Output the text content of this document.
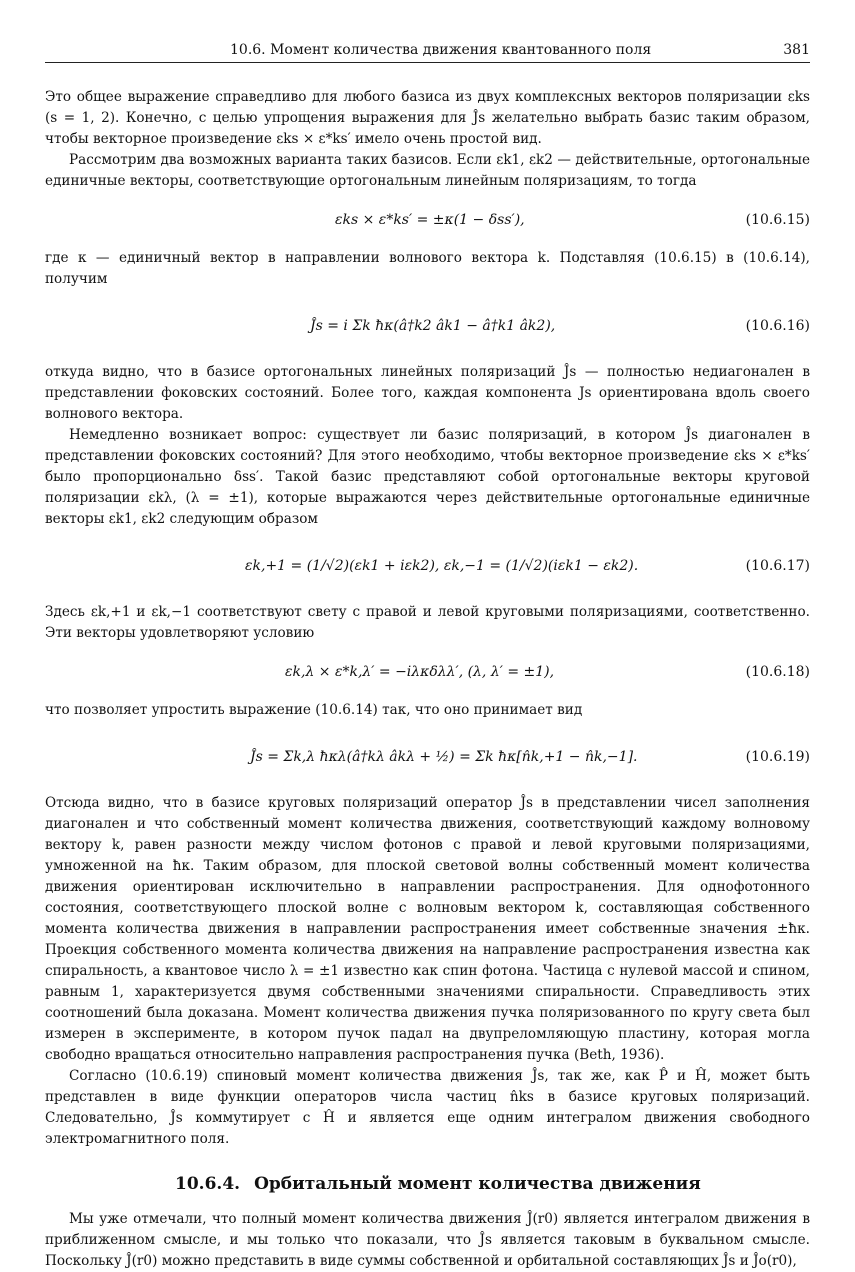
10.6. Момент количества движения квантованного поля	381

Это общее выражение справедливо для любого базиса из двух комплексных векторов поляризации εks (s = 1, 2). Конечно, с целью упрощения выражения для Ĵs желательно выбрать базис таким образом, чтобы векторное произведение εks × ε*ks′ имело очень простой вид.

Рассмотрим два возможных варианта таких базисов. Если εk1, εk2 — действительные, ортогональные единичные векторы, соответствующие ортогональным линейным поляризациям, то тогда

εks × ε*ks′ = ±κ(1 − δss′),	(10.6.15)

где κ — единичный вектор в направлении волнового вектора k. Подставляя (10.6.15) в (10.6.14), получим

Ĵs = i Σk ħκ(â†k2 âk1 − â†k1 âk2),	(10.6.16)

откуда видно, что в базисе ортогональных линейных поляризаций Ĵs — полностью недиагонален в представлении фоковских состояний. Более того, каждая компонента Js ориентирована вдоль своего волнового вектора.

Немедленно возникает вопрос: существует ли базис поляризаций, в котором Ĵs диагонален в представлении фоковских состояний? Для этого необходимо, чтобы векторное произведение εks × ε*ks′ было пропорционально δss′. Такой базис представляют собой ортогональные векторы круговой поляризации εkλ, (λ = ±1), которые выражаются через действительные ортогональные единичные векторы εk1, εk2 следующим образом

εk,+1 = (1/√2)(εk1 + iεk2), εk,−1 = (1/√2)(iεk1 − εk2).	(10.6.17)

Здесь εk,+1 и εk,−1 соответствуют свету с правой и левой круговыми поляризациями, соответственно. Эти векторы удовлетворяют условию

εk,λ × ε*k,λ′ = −iλκδλλ′, (λ, λ′ = ±1),	(10.6.18)

что позволяет упростить выражение (10.6.14) так, что оно принимает вид

Ĵs = Σk,λ ħκλ(â†kλ âkλ + ½) = Σk ħκ[n̂k,+1 − n̂k,−1].	(10.6.19)

Отсюда видно, что в базисе круговых поляризаций оператор Ĵs в представлении чисел заполнения диагонален и что собственный момент количества движения, соответствующий каждому волновому вектору k, равен разности между числом фотонов с правой и левой круговыми поляризациями, умноженной на ħκ. Таким образом, для плоской световой волны собственный момент количества движения ориентирован исключительно в направлении распространения. Для однофотонного состояния, соответствующего плоской волне с волновым вектором k, составляющая собственного момента количества движения в направлении распространения имеет собственные значения ±ħκ. Проекция собственного момента количества движения на направление распространения известна как спиральность, а квантовое число λ = ±1 известно как спин фотона. Частица с нулевой массой и спином, равным 1, характеризуется двумя собственными значениями спиральности. Справедливость этих соотношений была доказана. Момент количества движения пучка поляризованного по кругу света был измерен в эксперименте, в котором пучок падал на двупреломляющую пластину, которая могла свободно вращаться относительно направления распространения пучка (Beth, 1936).

Согласно (10.6.19) спиновый момент количества движения Ĵs, так же, как P̂ и Ĥ, может быть представлен в виде функции операторов числа частиц n̂ks в базисе круговых поляризаций. Следовательно, Ĵs коммутирует с Ĥ и является еще одним интегралом движения свободного электромагнитного поля.

10.6.4. Орбитальный момент количества движения

Мы уже отмечали, что полный момент количества движения Ĵ(r0) является интегралом движения в приближенном смысле, и мы только что показали, что Ĵs является таковым в буквальном смысле. Поскольку Ĵ(r0) можно представить в виде суммы собственной и орбитальной составляющих Ĵs и Ĵo(r0),
